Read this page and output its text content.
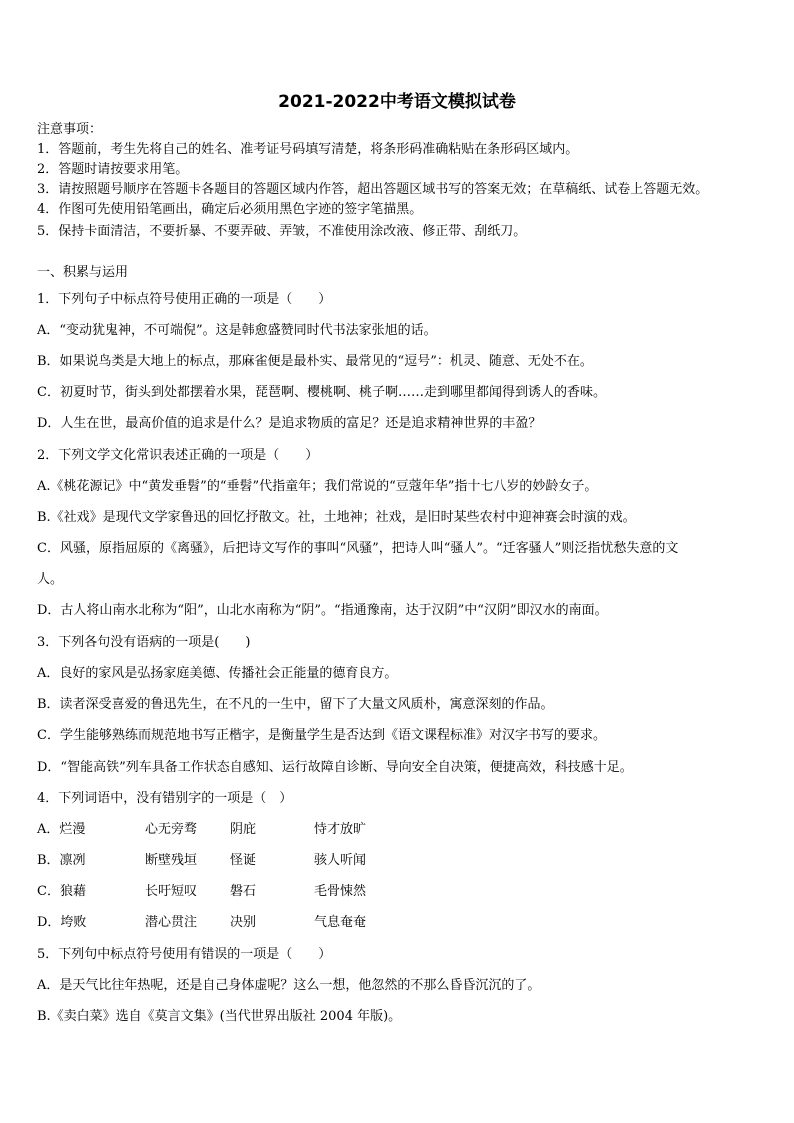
2021-2022中考语文模拟试卷
注意事项：
1．答题前，考生先将自己的姓名、准考证号码填写清楚，将条形码准确粘贴在条形码区域内。
2．答题时请按要求用笔。
3．请按照题号顺序在答题卡各题目的答题区域内作答，超出答题区域书写的答案无效；在草稿纸、试卷上答题无效。
4．作图可先使用铅笔画出，确定后必须用黑色字迹的签字笔描黑。
5．保持卡面清洁，不要折暴、不要弄破、弄皱，不准使用涂改液、修正带、刮纸刀。
一、积累与运用
1．下列句子中标点符号使用正确的一项是（　　）
A．“变动犹鬼神，不可端倪”。这是韩愈盛赞同时代书法家张旭的话。
B．如果说鸟类是大地上的标点，那麻雀便是最朴实、最常见的“逗号”：机灵、随意、无处不在。
C．初夏时节，街头到处都摆着水果，琵琶啊、樱桃啊、桃子啊……走到哪里都闻得到诱人的香味。
D．人生在世，最高价值的追求是什么？是追求物质的富足？还是追求精神世界的丰盈？
2．下列文学文化常识表述正确的一项是（　　）
A.《桃花源记》中“黄发垂髫”的“垂髫”代指童年；我们常说的“豆蔻年华”指十七八岁的妙龄女子。
B.《社戏》是现代文学家鲁迅的回忆抒散文。社，土地神；社戏，是旧时某些农村中迎神赛会时演的戏。
C．风骚，原指屈原的《离骚》，后把诗文写作的事叫“风骚”，把诗人叫“骚人”。“迁客骚人”则泛指忧愁失意的文
人。
D．古人将山南水北称为“阳”，山北水南称为“阴”。“指通豫南，达于汉阴”中“汉阴”即汉水的南面。
3．下列各句没有语病的一项是(　　)
A．良好的家风是弘扬家庭美德、传播社会正能量的德育良方。
B．读者深受喜爱的鲁迅先生，在不凡的一生中，留下了大量文风质朴，寓意深刻的作品。
C．学生能够熟练而规范地书写正楷字，是衡量学生是否达到《语文课程标准》对汉字书写的要求。
D．“智能高铁”列车具备工作状态自感知、运行故障自诊断、导向安全自决策，便捷高效，科技感十足。
4．下列词语中，没有错别字的一项是（　）
A．烂漫	心无旁骛	阴庇	恃才放旷
B．凛冽	断壁残垣	怪诞	骇人听闻
C．狼藉	长吁短叹	磐石	毛骨悚然
D．垮败	潜心贯注	决别	气息奄奄
5．下列句中标点符号使用有错误的一项是（　　）
A．是天气比往年热呢，还是自己身体虚呢？这么一想，他忽然的不那么昏昏沉沉的了。
B.《卖白菜》选自《莫言文集》(当代世界出版社 2004 年版)。
